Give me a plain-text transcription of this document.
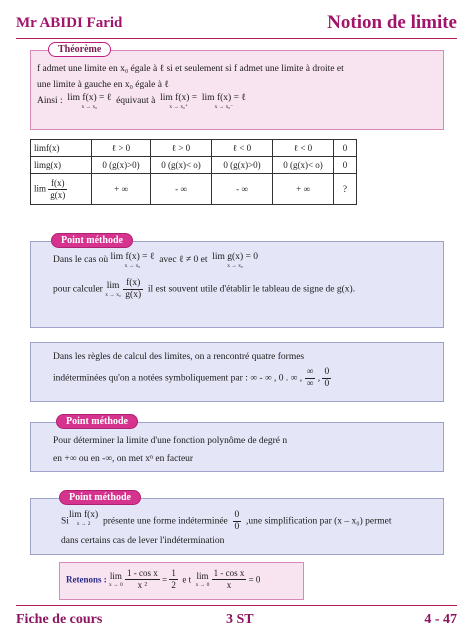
Mr ABIDI Farid	Notion de limite
f admet une limite en x₀ égale à ℓ si et seulement si f admet une limite à droite et
une limite à gauche en x₀ égale à ℓ
Ainsi : lim f(x) = ℓ
x → x₀
équivaut à lim f(x) =
x → x₀⁺
lim f(x) = ℓ
x → x₀⁻
Théorème
limf(x)	ℓ > 0	ℓ > 0	ℓ < 0	ℓ < 0	0
limg(x)	0 (g(x)>0)	0 (g(x)< o)	0 (g(x)>0)	0 (g(x)< o)	0
$\lim \frac{f(x)}{g(x)}$	+ ∞	- ∞	- ∞	+ ∞	?
Dans le cas où lim f(x) = ℓ
x → x₀
avec ℓ ≠ 0 et lim g(x) = 0
x → x₀
pour calculer lim
x → x₀
$\frac{f(x)}{g(x)}$ il est souvent utile d'établir le tableau de signe de g(x).
Point méthode
Dans les règles de calcul des limites, on a rencontré quatre formes
indéterminées qu'on a notées symboliquement par : ∞ - ∞ , 0 . ∞ , $\frac{\infty}{\infty}$ , $\frac{0}{0}$
Pour déterminer la limite d'une fonction polynôme de degré n
en +∞ ou en -∞, on met xⁿ en facteur
Point méthode
Silim f(x)
x → 2	présente une forme indéterminée $\frac{0}{0} ,une$ simplification par (x – x₀) permet
dans certains cas de lever l'indétermination
Point méthode
Retenons : lim
x → 0
$\frac{\text{1 - cos x}}{\text{x ²}} = \frac{1}{2}$ e t lim
x → 0
$\frac{\text{1 - cos x}}{x} = 0$
Fiche de cours	3 ST	4 - 47
